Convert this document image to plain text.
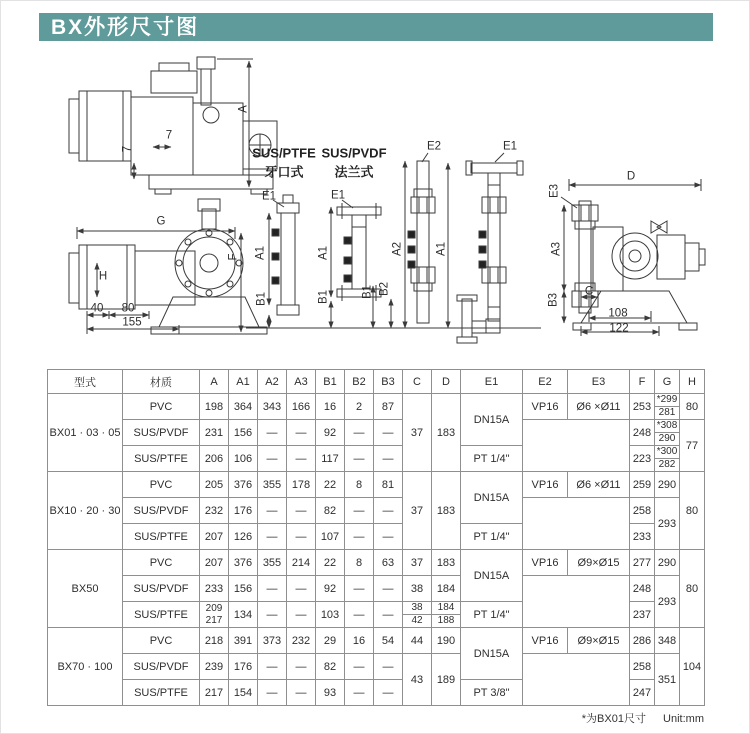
BX外形尺寸图
SUS/PTFE
牙口式
SUS/PVDF
法兰式
A
7
7
G
H
F
40 80
155
E1
A1
B1
E1
A1
B1
E2
A2
B1 B2
E1
A1
D
E3
A3
B3
C
108
122
型式	材质	A	A1	A2	A3	B1	B2	B3	C	D	E1	E2	E3	F	G	H
BX01 · 03 · 05	PVC	198	364	343	166	16	2	87	37	183	DN15A	VP16	Ø6 ×Ø11	253	*299
281	80
	SUS/PVDF	231	156	—	—	92	—	—						248	*308
290	77
	SUS/PTFE	206	106	—	—	117	—	—			PT 1/4"			223	*300
282	

BX10 · 20 · 30	PVC	205	376	355	178	22	8	81	37	183	DN15A	VP16	Ø6 ×Ø11	259	290	80
	SUS/PVDF	232	176	—	—	82	—	—						258	293	
	SUS/PTFE	207	126	—	—	107	—	—			PT 1/4"			233		
BX50	PVC	207	376	355	214	22	8	63	37	183	DN15A	VP16	Ø9×Ø15	277	290	80
	SUS/PVDF	233	156	—	—	92	—	—	38	184				248	293	
SUS/PTFE	
209
217	134	—	—	103	—	—	
38
42

184
188	PT 1/4"	237
BX70 · 100	PVC	218	391	373	232	29	16	54	44	190	DN15A	VP16	Ø9×Ø15	286	348	104
	SUS/PVDF	239	176	—	—	82	—	—	43	189				258	351	
	SUS/PTFE	217	154	—	—	93	—	—			PT 3/8"			247		
*为BX01尺寸 Unit:mm
